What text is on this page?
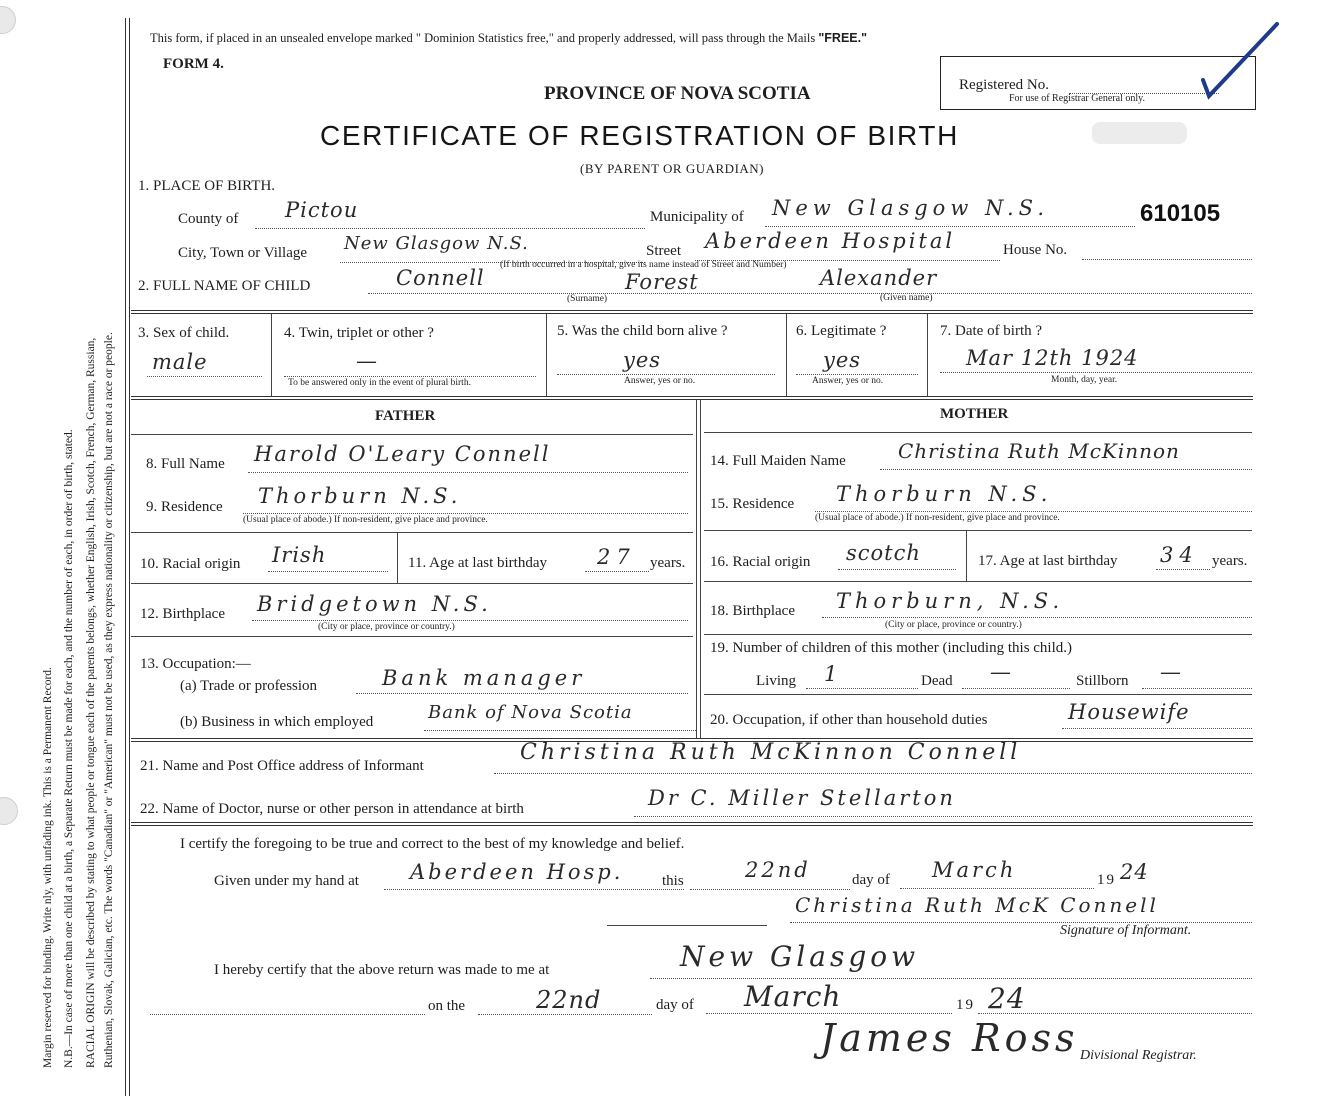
Margin reserved for binding. Write nly, with unfading ink. This is a Permanent Record. N.B.—In case of more than one child at a birth, a Separate Return must be made for each, and the number of each, in order of birth, stated. RACIAL ORIGIN will be described by stating to what people or tongue each of the parents belongs, whether English, Irish, Scotch, French, German, Russian, Ruthenian, Slovak, Galician, etc. The words "Canadian" or "American" must not be used, as they express nationality or citizenship, but are not a race or people.
This form, if placed in an unsealed envelope marked " Dominion Statistics free," and properly addressed, will pass through the Mails "FREE."
FORM 4.
Registered No.
For use of Registrar General only.
PROVINCE OF NOVA SCOTIA
CERTIFICATE OF REGISTRATION OF BIRTH
(BY PARENT OR GUARDIAN)
1. PLACE OF BIRTH.
County of Pictou	Municipality of New Glasgow N.S.	610105
City, Town or Village New Glasgow N.S.	Street Aberdeen Hospital	House No.
(If birth occurred in a hospital, give its name instead of Street and Number)
2. FULL NAME OF CHILD	Connell	Forest	Alexander
(Surname)	(Given name)
3. Sex of child.
male
4. Twin, triplet or other ?
—
To be answered only in the event of plural birth.
5. Was the child born alive ?
yes
Answer, yes or no.
6. Legitimate ?
yes
Answer, yes or no.
7. Date of birth ?
Mar 12th 1924
Month, day, year.
FATHER
8. Full Name Harold O'Leary Connell
9. Residence Thorburn N.S.
(Usual place of abode.) If non-resident, give place and province.
10. Racial origin Irish	11. Age at last birthday 27 years.
12. Birthplace Bridgetown N.S.
(City or place, province or country.)
13. Occupation:—
(a) Trade or profession	Bank manager
(b) Business in which employed	Bank of Nova Scotia
MOTHER
14. Full Maiden Name	Christina Ruth McKinnon
15. Residence Thorburn N.S.
(Usual place of abode.) If non-resident, give place and province.
16. Racial origin scotch	17. Age at last birthday 34 years.
18. Birthplace Thorburn, N.S.
(City or place, province or country.)
19. Number of children of this mother (including this child.)
Living 1	Dead —	Stillborn —
20. Occupation, if other than household duties	Housewife
21. Name and Post Office address of Informant
Christina Ruth McKinnon Connell
22. Name of Doctor, nurse or other person in attendance at birth	Dr C. Miller Stellarton
I certify the foregoing to be true and correct to the best of my knowledge and belief.
Given under my hand at Aberdeen Hosp.	this	22nd	day of March	19 24
Christina Ruth McK Connell
Signature of Informant.
I hereby certify that the above return was made to me at	New Glasgow
on the	22nd	day of March	19 24
James Ross Divisional Registrar.
